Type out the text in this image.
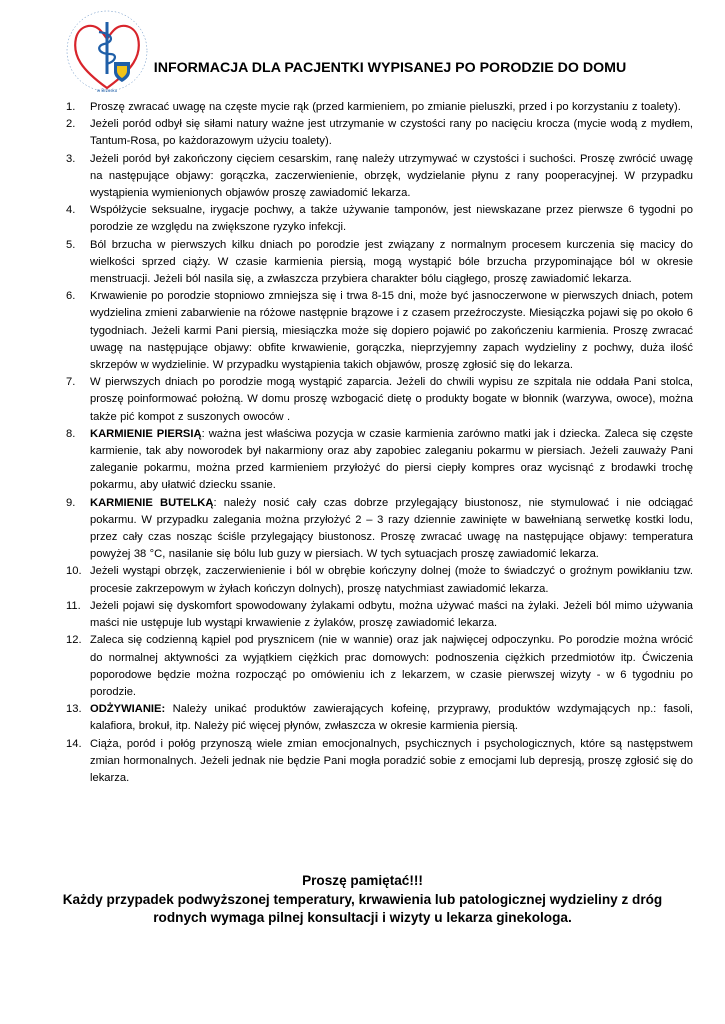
w Brzesku
INFORMACJA DLA PACJENTKI WYPISANEJ PO PORODZIE DO DOMU
1.	Proszę zwracać uwagę na częste mycie rąk (przed karmieniem, po zmianie pieluszki, przed i po korzystaniu z toalety).
2.	Jeżeli poród odbył się siłami natury ważne jest utrzymanie w czystości rany po nacięciu krocza (mycie wodą z mydłem, Tantum-Rosa, po każdorazowym użyciu toalety).
3.	Jeżeli poród był zakończony cięciem cesarskim, ranę należy utrzymywać w czystości i suchości. Proszę zwrócić uwagę na następujące objawy: gorączka, zaczerwienienie, obrzęk, wydzielanie płynu z rany pooperacyjnej. W przypadku wystąpienia wymienionych objawów proszę zawiadomić lekarza.
4.	Współżycie seksualne, irygacje pochwy, a także używanie tamponów, jest niewskazane przez pierwsze 6 tygodni po porodzie ze względu na zwiększone ryzyko infekcji.
5.	Ból brzucha w pierwszych kilku dniach po porodzie jest związany z normalnym procesem kurczenia się macicy do wielkości sprzed ciąży. W czasie karmienia piersią, mogą wystąpić bóle brzucha przypominające ból w okresie menstruacji. Jeżeli ból nasila się, a zwłaszcza przybiera charakter bólu ciągłego, proszę zawiadomić lekarza.
6.	Krwawienie po porodzie stopniowo zmniejsza się i trwa 8-15 dni, może być jasnoczerwone w pierwszych dniach, potem wydzielina zmieni zabarwienie na różowe następnie brązowe i z czasem przeźroczyste. Miesiączka pojawi się po około 6 tygodniach. Jeżeli karmi Pani piersią, miesiączka może się dopiero pojawić po zakończeniu karmienia. Proszę zwracać uwagę na następujące objawy: obfite krwawienie, gorączka, nieprzyjemny zapach wydzieliny z pochwy, duża ilość skrzepów w wydzielinie. W przypadku wystąpienia takich objawów, proszę zgłosić się do lekarza.
7.	W pierwszych dniach po porodzie mogą wystąpić zaparcia. Jeżeli do chwili wypisu ze szpitala nie oddała Pani stolca, proszę poinformować położną. W domu proszę wzbogacić dietę o produkty bogate w błonnik (warzywa, owoce), można także pić kompot z suszonych owoców .
8.	KARMIENIE PIERSIĄ: ważna jest właściwa pozycja w czasie karmienia zarówno matki jak i dziecka. Zaleca się częste karmienie, tak aby noworodek był nakarmiony oraz aby zapobiec zaleganiu pokarmu w piersiach. Jeżeli zauważy Pani zaleganie pokarmu, można przed karmieniem przyłożyć do piersi ciepły kompres oraz wycisnąć z brodawki trochę pokarmu, aby ułatwić dziecku ssanie.
9.	KARMIENIE BUTELKĄ: należy nosić cały czas dobrze przylegający biustonosz, nie stymulować i nie odciągać pokarmu. W przypadku zalegania można przyłożyć 2 – 3 razy dziennie zawinięte w bawełnianą serwetkę kostki lodu, przez cały czas nosząc ściśle przylegający biustonosz. Proszę zwracać uwagę na następujące objawy: temperatura powyżej 38 °C, nasilanie się bólu lub guzy w piersiach. W tych sytuacjach proszę zawiadomić lekarza.
10. Jeżeli wystąpi obrzęk, zaczerwienienie i ból w obrębie kończyny dolnej (może to świadczyć o groźnym powikłaniu tzw. procesie zakrzepowym w żyłach kończyn dolnych), proszę natychmiast zawiadomić lekarza.
11. Jeżeli pojawi się dyskomfort spowodowany żylakami odbytu, można używać maści na żylaki. Jeżeli ból mimo używania maści nie ustępuje lub wystąpi krwawienie z żylaków, proszę zawiadomić lekarza.
12. Zaleca się codzienną kąpiel pod prysznicem (nie w wannie) oraz jak najwięcej odpoczynku. Po porodzie można wrócić do normalnej aktywności za wyjątkiem ciężkich prac domowych: podnoszenia ciężkich przedmiotów itp. Ćwiczenia poporodowe będzie można rozpocząć po omówieniu ich z lekarzem, w czasie pierwszej wizyty - w 6 tygodniu po porodzie.
13. ODŻYWIANIE: Należy unikać produktów zawierających kofeinę, przyprawy, produktów wzdymających np.: fasoli, kalafiora, brokuł, itp. Należy pić więcej płynów, zwłaszcza w okresie karmienia piersią.
14. Ciąża, poród i połóg przynoszą wiele zmian emocjonalnych, psychicznych i psychologicznych, które są następstwem zmian hormonalnych. Jeżeli jednak nie będzie Pani mogła poradzić sobie z emocjami lub depresją, proszę zgłosić się do lekarza.
Proszę pamiętać!!!
Każdy przypadek podwyższonej temperatury, krwawienia lub patologicznej wydzieliny z dróg rodnych wymaga pilnej konsultacji i wizyty u lekarza ginekologa.
